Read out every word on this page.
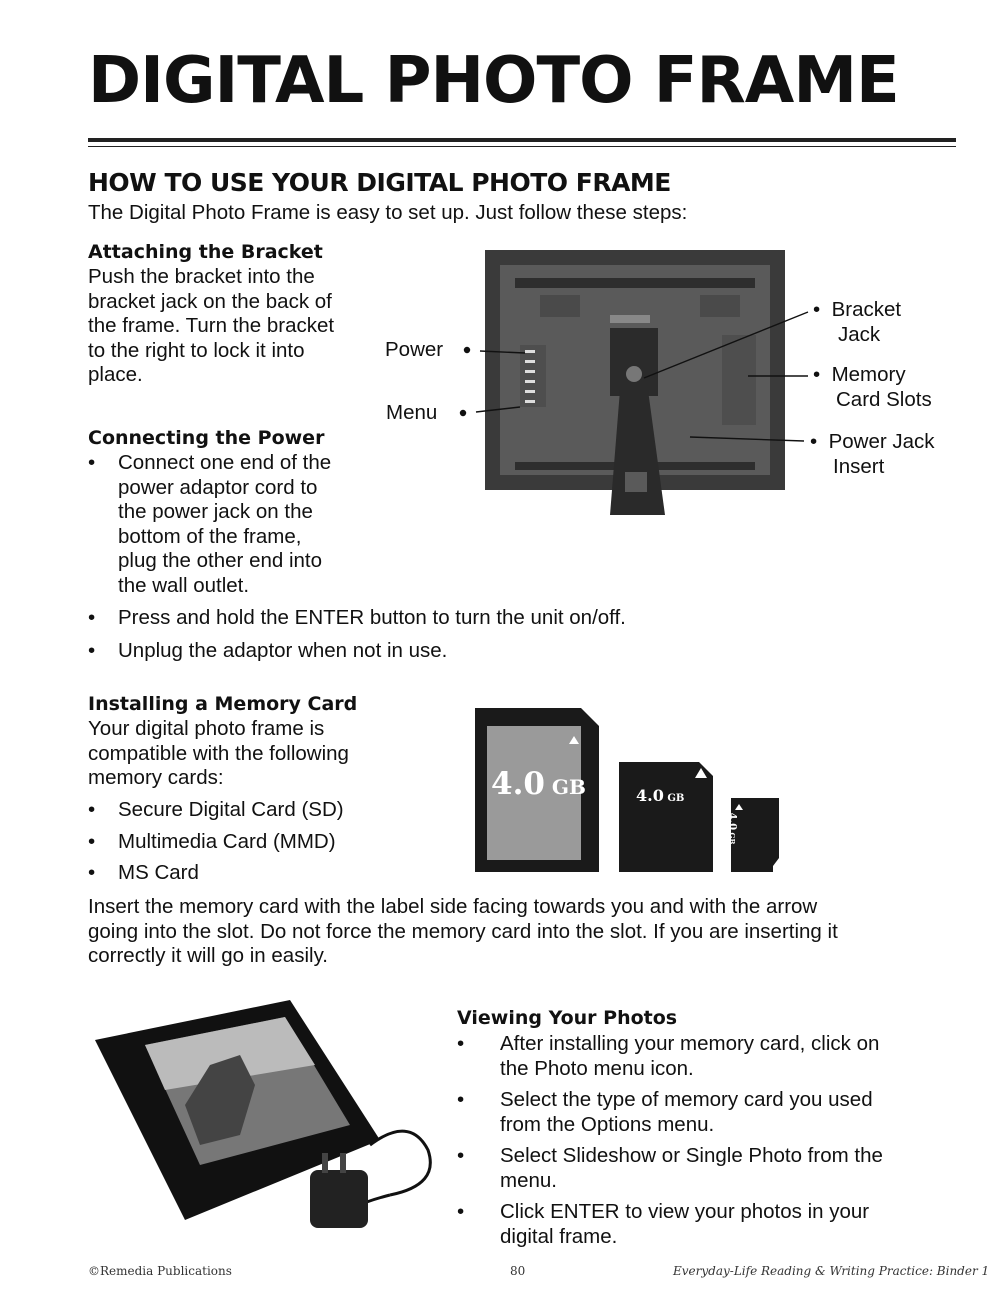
DIGITAL PHOTO FRAME
HOW TO USE YOUR DIGITAL PHOTO FRAME
The Digital Photo Frame is easy to set up. Just follow these steps:
Attaching the Bracket
Push the bracket into the
bracket jack on the back of
the frame. Turn the bracket
to the right to lock it into
place.
Power
Menu
•  Bracket
Jack
•  Memory
Card Slots
•  Power Jack
Insert
Connecting the Power
• Connect one end of the
power adaptor cord to
the power jack on the
bottom of the frame,
plug the other end into
the wall outlet.
• Press and hold the ENTER button to turn the unit on/off.
• Unplug the adaptor when not in use.
Installing a Memory Card
Your digital photo frame is
compatible with the following
memory cards:
• Secure Digital Card (SD)
• Multimedia Card (MMD)
• MS Card
4.0 GB	4.0 GB
4.0 GB
Insert the memory card with the label side facing towards you and with the arrow
going into the slot. Do not force the memory card into the slot. If you are inserting it
correctly it will go in easily.
Viewing Your Photos
• After installing your memory card, click on
the Photo menu icon.
• Select the type of memory card you used
from the Options menu.
• Select Slideshow or Single Photo from the
menu.
• Click ENTER to view your photos in your
digital frame.
©Remedia Publications	80	Everyday-Life Reading & Writing Practice: Binder 1
